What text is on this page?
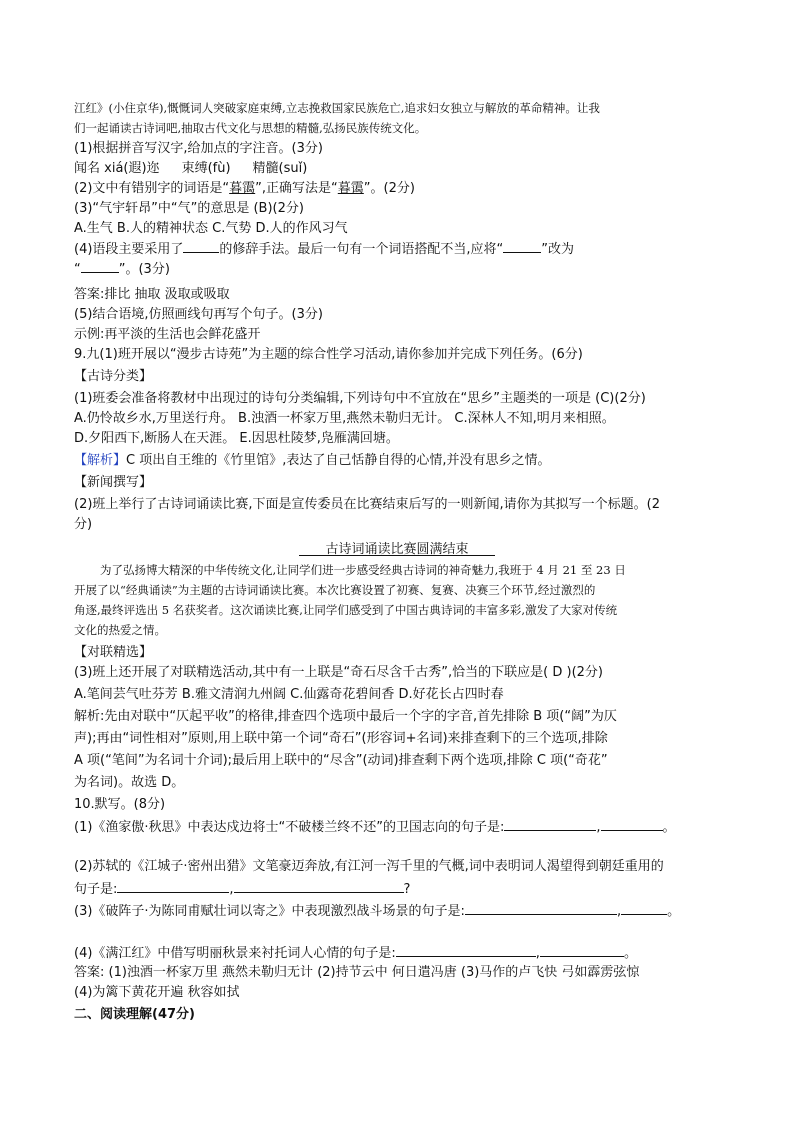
江红》(小住京华),慨慨词人突破家庭束缚,立志挽救国家民族危亡,追求妇女独立与解放的革命精神。让我
们一起诵读古诗词吧,抽取古代文化与思想的精髓,弘扬民族传统文化。
(1)根据拼音写汉字,给加点的字注音。(3分)
闻名 xiá(遐)迩 束缚(fù) 精髓(suǐ)
(2)文中有错别字的词语是“暮霭”,正确写法是“暮霭”。(2分)
(3)“气宇轩昂”中“气”的意思是 (B)(2分)
A.生气 B.人的精神状态 C.气势 D.人的作风习气
(4)语段主要采用了	的修辞手法。最后一句有一个词语搭配不当,应将“	”改为
“	”。(3分)
答案:排比 抽取 汲取或吸取
(5)结合语境,仿照画线句再写个句子。(3分)
示例:再平淡的生活也会鲜花盛开
9.九(1)班开展以“漫步古诗苑”为主题的综合性学习活动,请你参加并完成下列任务。(6分)
【古诗分类】
(1)班委会准备将教材中出现过的诗句分类编辑,下列诗句中不宜放在“思乡”主题类的一项是 (C)(2分)
A.仍怜故乡水,万里送行舟。 B.浊酒一杯家万里,燕然未勒归无计。 C.深林人不知,明月来相照。
D.夕阳西下,断肠人在天涯。 E.因思杜陵梦,凫雁满回塘。
【解析】C 项出自王维的《竹里馆》,表达了自己恬静自得的心情,并没有思乡之情。
【新闻撰写】
(2)班上举行了古诗词诵读比赛,下面是宣传委员在比赛结束后写的一则新闻,请你为其拟写一个标题。(2
分)
古诗词诵读比赛圆满结束
为了弘扬博大精深的中华传统文化,让同学们进一步感受经典古诗词的神奇魅力,我班于 4 月 21 至 23 日
开展了以“经典诵读”为主题的古诗词诵读比赛。本次比赛设置了初赛、复赛、决赛三个环节,经过激烈的
角逐,最终评选出 5 名获奖者。这次诵读比赛,让同学们感受到了中国古典诗词的丰富多彩,激发了大家对传统
文化的热爱之情。
【对联精选】
(3)班上还开展了对联精选活动,其中有一上联是“奇石尽含千古秀”,恰当的下联应是( D )(2分)
A.笔间芸气吐芬芳 B.雅文清润九州阔 C.仙露奇花碧间香 D.好花长占四时春
解析:先由对联中“仄起平收”的格律,排查四个选项中最后一个字的字音,首先排除 B 项(“阔”为仄
声);再由“词性相对”原则,用上联中第一个词“奇石”(形容词+名词)来排查剩下的三个选项,排除
A 项(“笔间”为名词十介词);最后用上联中的“尽含”(动词)排查剩下两个选项,排除 C 项(“奇花”
为名词)。故选 D。
10.默写。(8分)
(1)《渔家傲·秋思》中表达戍边将士“不破楼兰终不还”的卫国志向的句子是:	,	。
(2)苏轼的《江城子·密州出猎》文笔豪迈奔放,有江河一泻千里的气概,词中表明词人渴望得到朝廷重用的
句子是:	,	?
(3)《破阵子·为陈同甫赋壮词以寄之》中表现激烈战斗场景的句子是:	,	。
(4)《满江红》中借写明丽秋景来衬托词人心情的句子是:	,	。
答案: (1)浊酒一杯家万里 燕然未勒归无计 (2)持节云中 何日遣冯唐 (3)马作的卢飞快 弓如霹雳弦惊
(4)为篱下黄花开遍 秋容如拭
二、阅读理解(47分)
